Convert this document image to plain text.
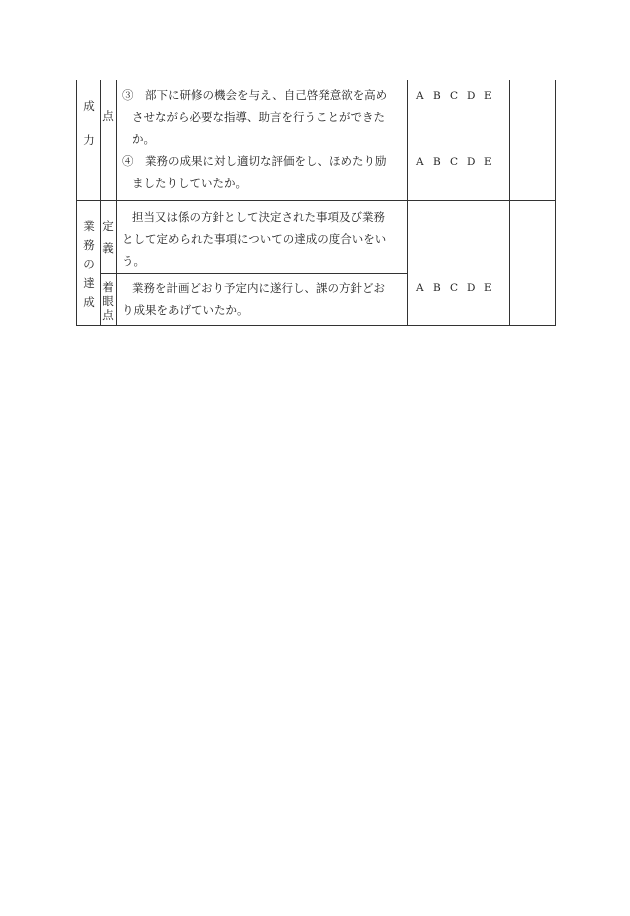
成
力
点
③　部下に研修の機会を与え、自己啓発意欲を高め
させながら必要な指導、助言を行うことができた
か。
④　業務の成果に対し適切な評価をし、ほめたり励
ましたりしていたか。
A B C D E
A B C D E
業
務
の
達
成
定
義
担当又は係の方針として決定された事項及び業務
として定められた事項についての達成の度合いをい
う。
着
眼
点
業務を計画どおり予定内に遂行し、課の方針どお
り成果をあげていたか。
A B C D E
